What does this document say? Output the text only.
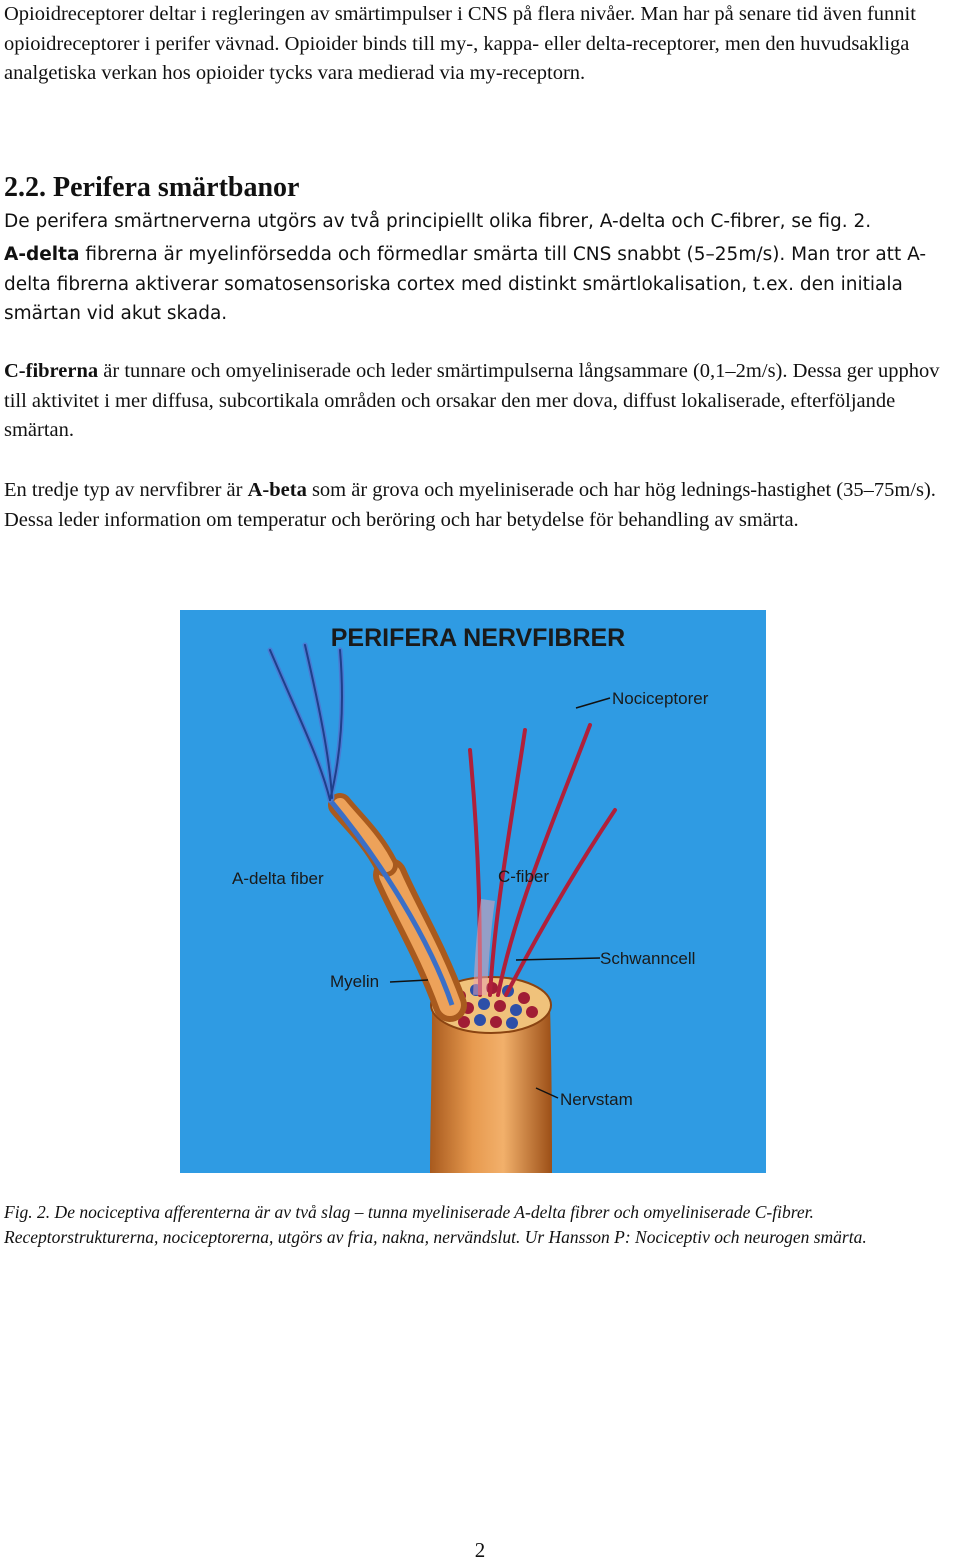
Opioidreceptorer deltar i regleringen av smärtimpulser i CNS på flera nivåer. Man har på senare tid även funnit opioidreceptorer i perifer vävnad. Opioider binds till my-, kappa- eller delta-receptorer, men den huvudsakliga analgetiska verkan hos opioider tycks vara medierad via my-receptorn.

2.2. Perifera smärtbanor

De perifera smärtnerverna utgörs av två principiellt olika fibrer, A-delta och C-fibrer, se fig. 2.

A-delta fibrerna är myelinförsedda och förmedlar smärta till CNS snabbt (5–25m/s). Man tror att A-delta fibrerna aktiverar somatosensoriska cortex med distinkt smärtlokalisation, t.ex. den initiala smärtan vid akut skada.

C-fibrerna är tunnare och omyeliniserade och leder smärtimpulserna långsammare (0,1–2m/s). Dessa ger upphov till aktivitet i mer diffusa, subcortikala områden och orsakar den mer dova, diffust lokaliserade, efterföljande smärtan.

En tredje typ av nervfibrer är A-beta som är grova och myeliniserade och har hög lednings-hastighet (35–75m/s). Dessa leder information om temperatur och beröring och har betydelse för behandling av smärta.

PERIFERA NERVFIBRER
Nociceptorer
A-delta fiber	C-fiber
Schwanncell
Myelin
Nervstam

Fig. 2. De nociceptiva afferenterna är av två slag – tunna myeliniserade A-delta fibrer och omyeliniserade C-fibrer. Receptorstrukturerna, nociceptorerna, utgörs av fria, nakna, nervändslut. Ur Hansson P: Nociceptiv och neurogen smärta.

2
